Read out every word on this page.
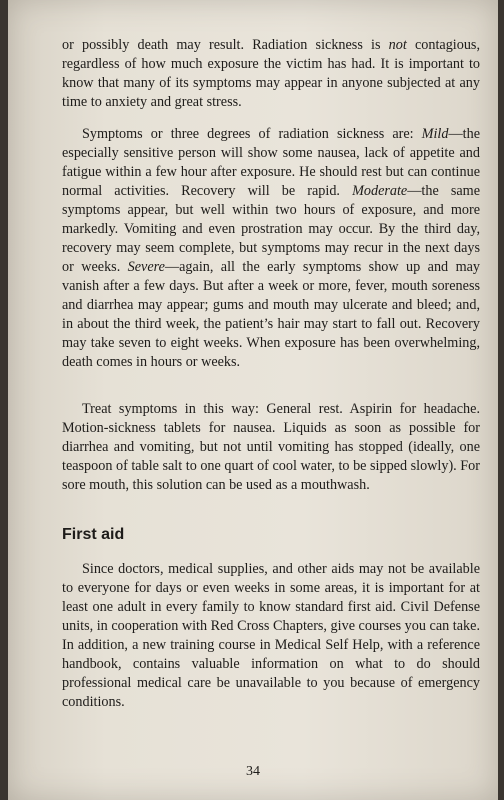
or possibly death may result. Radiation sickness is not contagious, regardless of how much exposure the victim has had. It is important to know that many of its symptoms may appear in anyone subjected at any time to anxiety and great stress.

Symptoms or three degrees of radiation sickness are: Mild—the especially sensitive person will show some nausea, lack of appetite and fatigue within a few hour after exposure. He should rest but can continue normal activities. Recovery will be rapid. Moderate—the same symptoms appear, but well within two hours of exposure, and more markedly. Vomiting and even prostration may occur. By the third day, recovery may seem complete, but symptoms may recur in the next days or weeks. Severe—again, all the early symptoms show up and may vanish after a few days. But after a week or more, fever, mouth soreness and diarrhea may appear; gums and mouth may ulcerate and bleed; and, in about the third week, the patient’s hair may start to fall out. Recovery may take seven to eight weeks. When exposure has been overwhelming, death comes in hours or weeks.

Treat symptoms in this way: General rest. Aspirin for headache. Motion-sickness tablets for nausea. Liquids as soon as possible for diarrhea and vomiting, but not until vomiting has stopped (ideally, one teaspoon of table salt to one quart of cool water, to be sipped slowly). For sore mouth, this solution can be used as a mouthwash.

First aid

Since doctors, medical supplies, and other aids may not be available to everyone for days or even weeks in some areas, it is important for at least one adult in every family to know standard first aid. Civil Defense units, in cooperation with Red Cross Chapters, give courses you can take. In addition, a new training course in Medical Self Help, with a reference handbook, contains valuable information on what to do should professional medical care be unavailable to you because of emergency conditions.

34
